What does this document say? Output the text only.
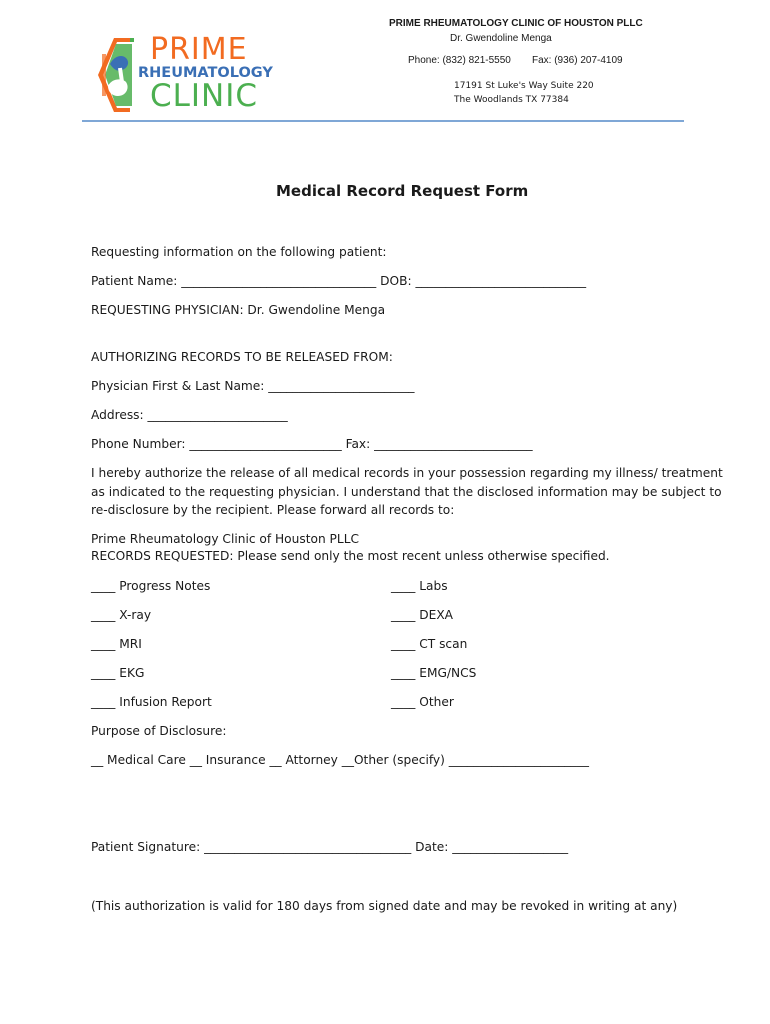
PRIME
RHEUMATOLOGY
CLINIC
PRIME RHEUMATOLOGY CLINIC OF HOUSTON PLLC
Dr. Gwendoline Menga
Phone: (832) 821-5550 Fax: (936) 207-4109
17191 St Luke's Way Suite 220
The Woodlands TX 77384
Medical Record Request Form
Requesting information on the following patient:
Patient Name: ________________________________ DOB: ____________________________
REQUESTING PHYSICIAN: Dr. Gwendoline Menga
AUTHORIZING RECORDS TO BE RELEASED FROM:
Physician First & Last Name: ________________________
Address: _______________________
Phone Number: _________________________ Fax: __________________________
I hereby authorize the release of all medical records in your possession regarding my illness/ treatment
as indicated to the requesting physician. I understand that the disclosed information may be subject to
re-disclosure by the recipient. Please forward all records to:
Prime Rheumatology Clinic of Houston PLLC
RECORDS REQUESTED: Please send only the most recent unless otherwise specified.
____ Progress Notes	____ Labs
____ X-ray	____ DEXA
____ MRI	____ CT scan
____ EKG	____ EMG/NCS
____ Infusion Report	____ Other
Purpose of Disclosure:
__ Medical Care __ Insurance __ Attorney __Other (specify) _______________________
Patient Signature: __________________________________ Date: ___________________
(This authorization is valid for 180 days from signed date and may be revoked in writing at any)
